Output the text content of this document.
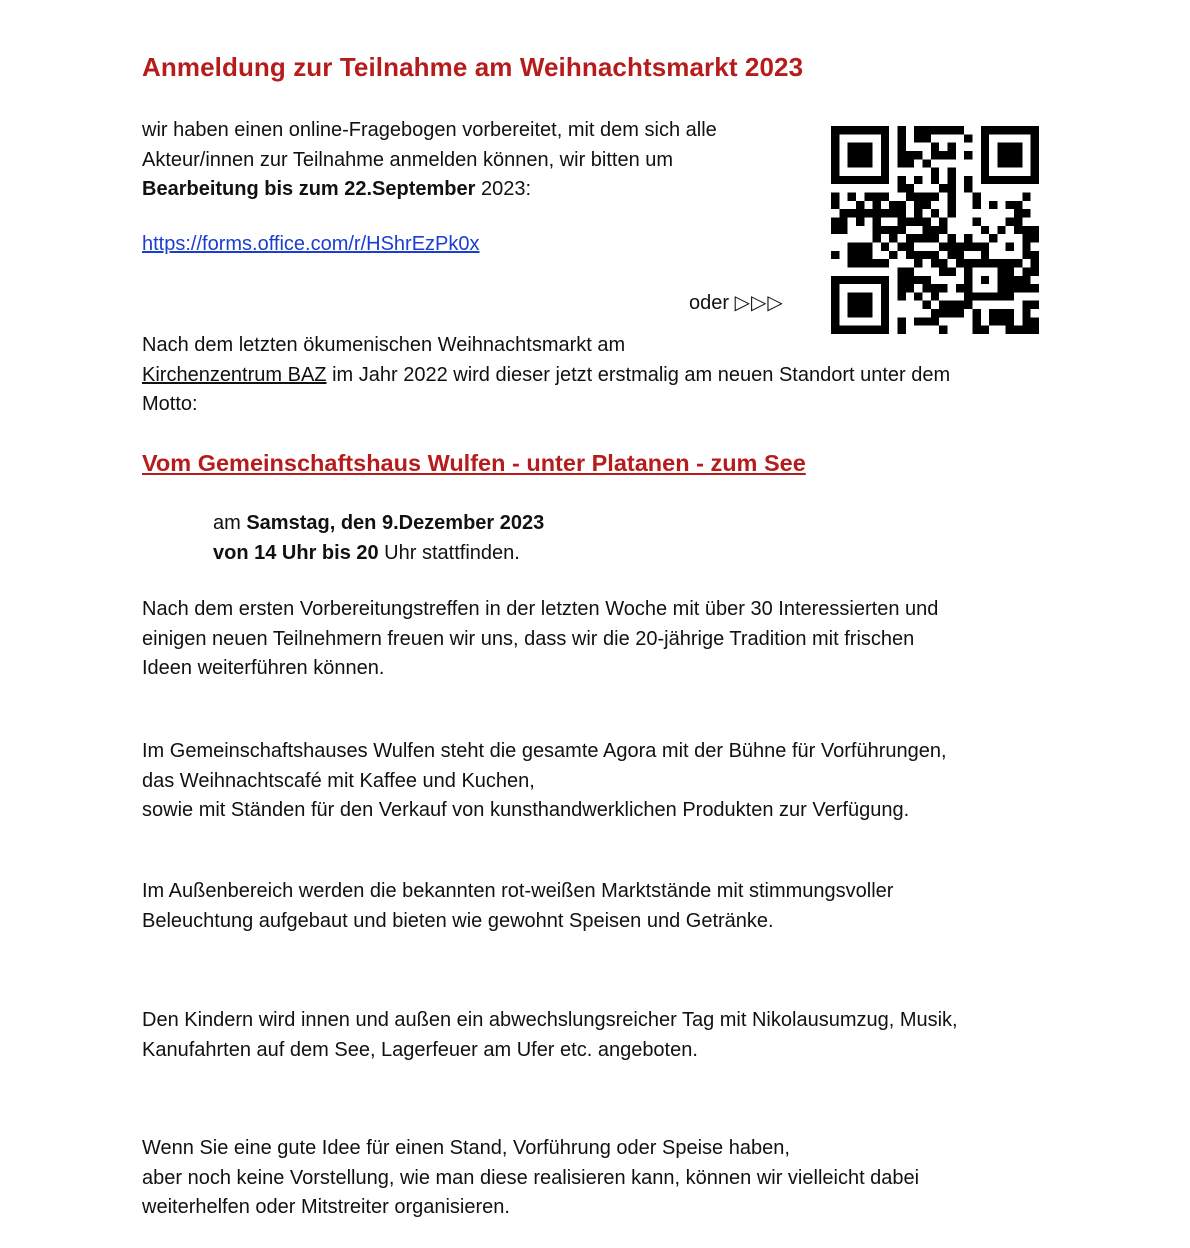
Anmeldung zur Teilnahme am Weihnachtsmarkt 2023
wir haben einen online-Fragebogen vorbereitet, mit dem sich alle
Akteur/innen zur Teilnahme anmelden können, wir bitten um
Bearbeitung bis zum 22.September 2023:
https://forms.office.com/r/HShrEzPk0x
oder ▷▷▷
Nach dem letzten ökumenischen Weihnachtsmarkt am
Kirchenzentrum BAZ im Jahr 2022 wird dieser jetzt erstmalig am neuen Standort unter dem
Motto:
Vom Gemeinschaftshaus Wulfen - unter Platanen - zum See
am Samstag, den 9.Dezember 2023
von 14 Uhr bis 20 Uhr stattfinden.
Nach dem ersten Vorbereitungstreffen in der letzten Woche mit über 30 Interessierten und
einigen neuen Teilnehmern freuen wir uns, dass wir die 20-jährige Tradition mit frischen
Ideen weiterführen können.
Im Gemeinschaftshauses Wulfen steht die gesamte Agora mit der Bühne für Vorführungen,
das Weihnachtscafé mit Kaffee und Kuchen,
sowie mit Ständen für den Verkauf von kunsthandwerklichen Produkten zur Verfügung.
Im Außenbereich werden die bekannten rot-weißen Marktstände mit stimmungsvoller
Beleuchtung aufgebaut und bieten wie gewohnt Speisen und Getränke.
Den Kindern wird innen und außen ein abwechslungsreicher Tag mit Nikolausumzug, Musik,
Kanufahrten auf dem See, Lagerfeuer am Ufer etc. angeboten.
Wenn Sie eine gute Idee für einen Stand, Vorführung oder Speise haben,
aber noch keine Vorstellung, wie man diese realisieren kann, können wir vielleicht dabei
weiterhelfen oder Mitstreiter organisieren.
